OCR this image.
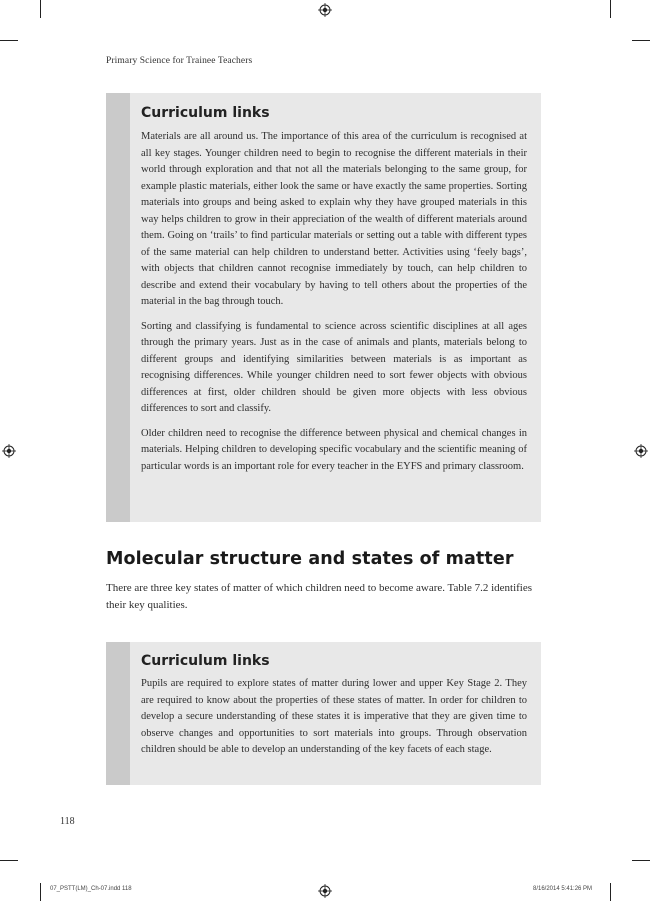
Primary Science for Trainee Teachers
Curriculum links

Materials are all around us. The importance of this area of the curriculum is recognised at all key stages. Younger children need to begin to recognise the different materials in their world through exploration and that not all the materials belonging to the same group, for example plastic materials, either look the same or have exactly the same properties. Sorting materials into groups and being asked to explain why they have grouped materials in this way helps children to grow in their appreciation of the wealth of different materials around them. Going on ‘trails’ to find particular materials or setting out a table with different types of the same material can help children to understand better. Activities using ‘feely bags’, with objects that children cannot recognise immediately by touch, can help children to describe and extend their vocabulary by having to tell others about the properties of the material in the bag through touch.

Sorting and classifying is fundamental to science across scientific disciplines at all ages through the primary years. Just as in the case of animals and plants, materials belong to different groups and identifying similarities between materials is as important as recognising differences. While younger children need to sort fewer objects with obvious differences at first, older children should be given more objects with less obvious differences to sort and classify.

Older children need to recognise the difference between physical and chemical changes in materials. Helping children to developing specific vocabulary and the scientific meaning of particular words is an important role for every teacher in the EYFS and primary classroom.

Molecular structure and states of matter

There are three key states of matter of which children need to become aware. Table 7.2 identifies their key qualities.

Curriculum links

Pupils are required to explore states of matter during lower and upper Key Stage 2. They are required to know about the properties of these states of matter. In order for children to develop a secure understanding of these states it is imperative that they are given time to observe changes and opportunities to sort materials into groups. Through observation children should be able to develop an understanding of the key facets of each stage.

118
07_PSTT(LM)_Ch-07.indd 118	8/16/2014 5:41:26 PM
